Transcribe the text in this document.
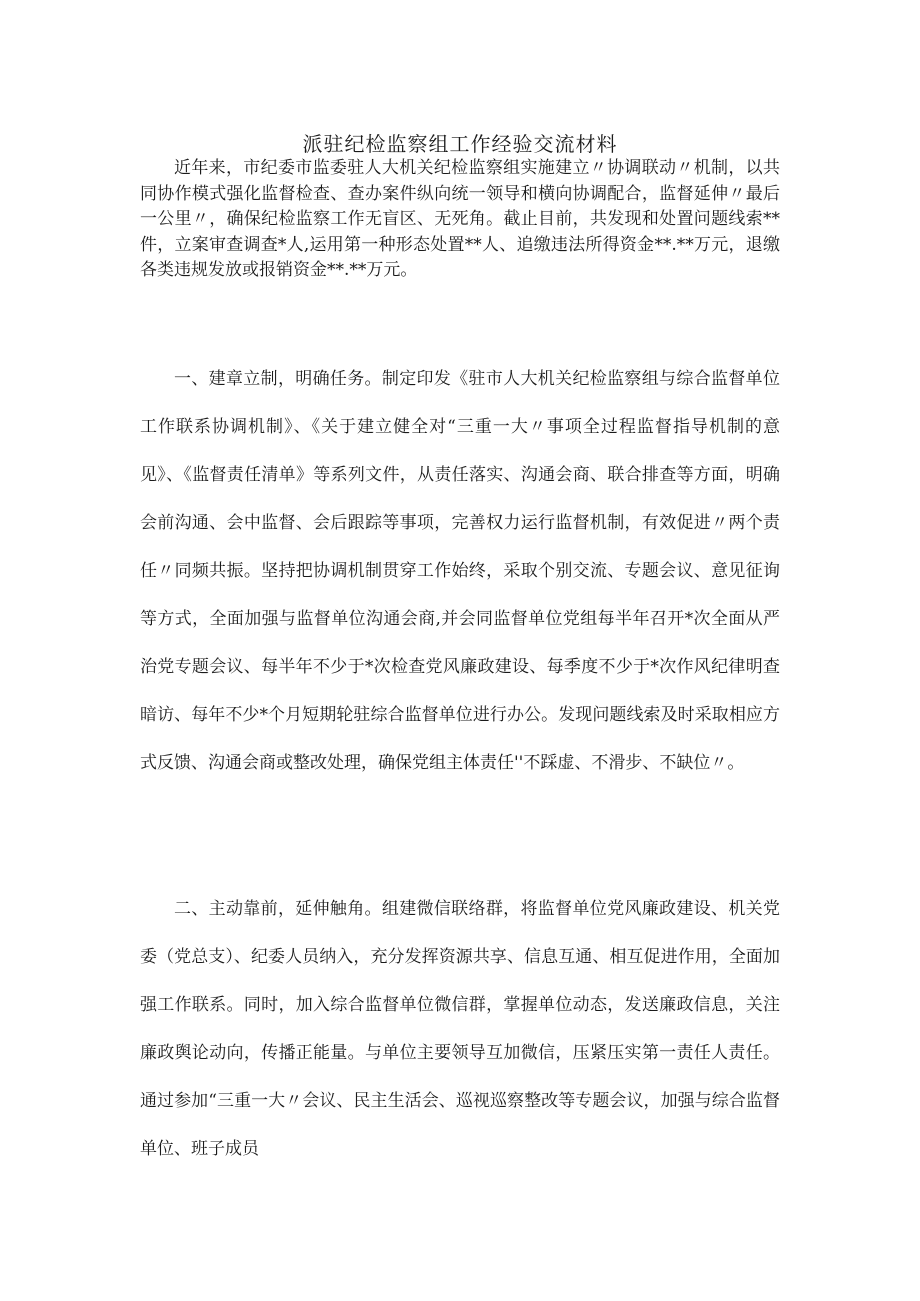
派驻纪检监察组工作经验交流材料

近年来，市纪委市监委驻人大机关纪检监察组实施建立〃协调联动〃机制，以共同协作模式强化监督检查、查办案件纵向统一领导和横向协调配合，监督延伸〃最后一公里〃，确保纪检监察工作无盲区、无死角。截止目前，共发现和处置问题线索**件，立案审查调查*人,运用第一种形态处置**人、追缴违法所得资金**.**万元，退缴各类违规发放或报销资金**.**万元。

一、建章立制，明确任务。制定印发《驻市人大机关纪检监察组与综合监督单位工作联系协调机制》、《关于建立健全对“三重一大〃事项全过程监督指导机制的意见》、《监督责任清单》等系列文件，从责任落实、沟通会商、联合排查等方面，明确会前沟通、会中监督、会后跟踪等事项，完善权力运行监督机制，有效促进〃两个责任〃同频共振。坚持把协调机制贯穿工作始终，采取个别交流、专题会议、意见征询等方式，全面加强与监督单位沟通会商,并会同监督单位党组每半年召开*次全面从严治党专题会议、每半年不少于*次检查党风廉政建设、每季度不少于*次作风纪律明查暗访、每年不少*个月短期轮驻综合监督单位进行办公。发现问题线索及时采取相应方式反馈、沟通会商或整改处理，确保党组主体责任''不踩虚、不滑步、不缺位〃。

二、主动靠前，延伸触角。组建微信联络群，将监督单位党风廉政建设、机关党委（党总支）、纪委人员纳入，充分发挥资源共享、信息互通、相互促进作用，全面加强工作联系。同时，加入综合监督单位微信群，掌握单位动态，发送廉政信息，关注廉政舆论动向，传播正能量。与单位主要领导互加微信，压紧压实第一责任人责任。通过参加“三重一大〃会议、民主生活会、巡视巡察整改等专题会议，加强与综合监督单位、班子成员
